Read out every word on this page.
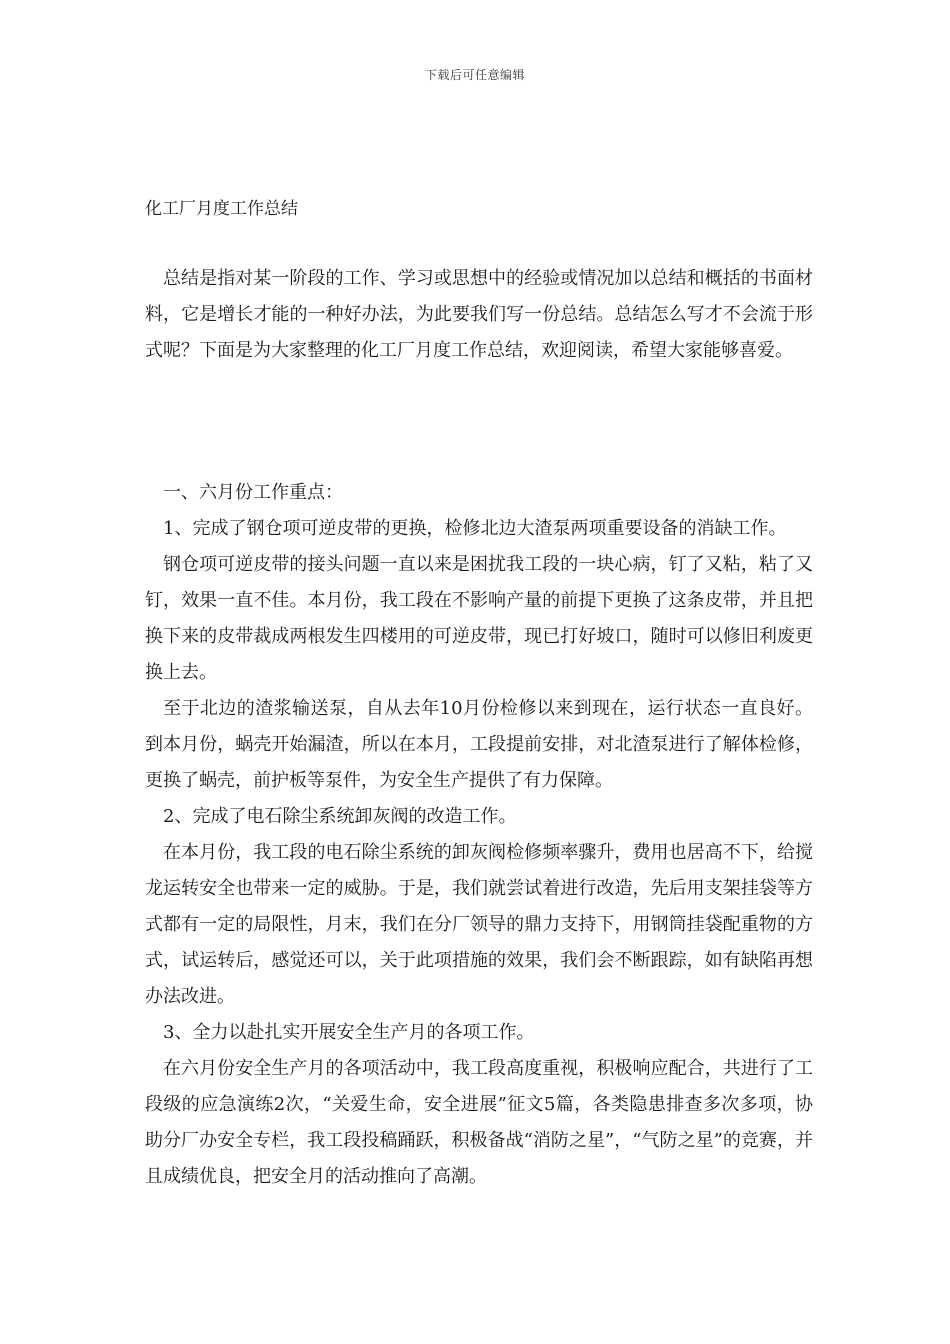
下载后可任意编辑
化工厂月度工作总结

总结是指对某一阶段的工作、学习或思想中的经验或情况加以总结和概括的书面材料，它是增长才能的一种好办法，为此要我们写一份总结。总结怎么写才不会流于形式呢？下面是为大家整理的化工厂月度工作总结，欢迎阅读，希望大家能够喜爱。

一、六月份工作重点：

1、完成了钢仓项可逆皮带的更换，检修北边大渣泵两项重要设备的消缺工作。

钢仓项可逆皮带的接头问题一直以来是困扰我工段的一块心病，钉了又粘，粘了又钉，效果一直不佳。本月份，我工段在不影响产量的前提下更换了这条皮带，并且把换下来的皮带裁成两根发生四楼用的可逆皮带，现已打好坡口，随时可以修旧利废更换上去。

至于北边的渣浆输送泵，自从去年10月份检修以来到现在，运行状态一直良好。到本月份，蜗壳开始漏渣，所以在本月，工段提前安排，对北渣泵进行了解体检修，更换了蜗壳，前护板等泵件，为安全生产提供了有力保障。

2、完成了电石除尘系统卸灰阀的改造工作。

在本月份，我工段的电石除尘系统的卸灰阀检修频率骤升，费用也居高不下，给搅龙运转安全也带来一定的威胁。于是，我们就尝试着进行改造，先后用支架挂袋等方式都有一定的局限性，月末，我们在分厂领导的鼎力支持下，用钢筒挂袋配重物的方式，试运转后，感觉还可以，关于此项措施的效果，我们会不断跟踪，如有缺陷再想办法改进。

3、全力以赴扎实开展安全生产月的各项工作。

在六月份安全生产月的各项活动中，我工段高度重视，积极响应配合，共进行了工段级的应急演练2次，“关爱生命，安全进展”征文5篇，各类隐患排查多次多项，协助分厂办安全专栏，我工段投稿踊跃，积极备战“消防之星”，“气防之星”的竞赛，并且成绩优良，把安全月的活动推向了高潮。
